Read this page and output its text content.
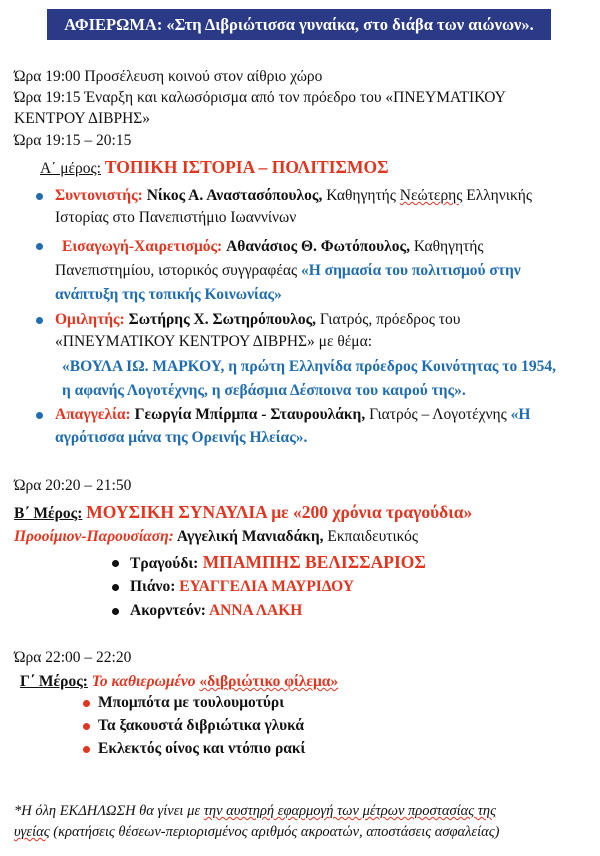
ΑΦΙΕΡΩΜΑ: «Στη Διβριώτισσα γυναίκα, στο διάβα των αιώνων».
Ώρα 19:00 Προσέλευση κοινού στον αίθριο χώρο
Ώρα 19:15 Έναρξη και καλωσόρισμα από τον πρόεδρο του «ΠΝΕΥΜΑΤΙΚΟΥ
ΚΕΝΤΡΟΥ ΔΙΒΡΗΣ»
Ώρα 19:15 – 20:15
Α΄ μέρος: ΤΟΠΙΚΗ ΙΣΤΟΡΙΑ – ΠΟΛΙΤΙΣΜΟΣ
Συντονιστής: Νίκος Α. Αναστασόπουλος, Καθηγητής Νεώτερης Ελληνικής
Ιστορίας στο Πανεπιστήμιο Ιωαννίνων
Εισαγωγή-Χαιρετισμός: Αθανάσιος Θ. Φωτόπουλος, Καθηγητής
Πανεπιστημίου, ιστορικός συγγραφέας «Η σημασία του πολιτισμού στην
ανάπτυξη της τοπικής Κοινωνίας»
Ομιλητής: Σωτήρης Χ. Σωτηρόπουλος, Γιατρός, πρόεδρος του
«ΠΝΕΥΜΑΤΙΚΟΥ ΚΕΝΤΡΟΥ ΔΙΒΡΗΣ» με θέμα:
«ΒΟΥΛΑ ΙΩ. ΜΑΡΚΟΥ, η πρώτη Ελληνίδα πρόεδρος Κοινότητας το 1954,
η αφανής Λογοτέχνης, η σεβάσμια Δέσποινα του καιρού της».
Απαγγελία: Γεωργία Μπίρμπα - Σταυρουλάκη, Γιατρός – Λογοτέχνης «Η
αγρότισσα μάνα της Ορεινής Ηλείας».
Ώρα 20:20 – 21:50
Β΄ Μέρος: ΜΟΥΣΙΚΗ ΣΥΝΑΥΛΙΑ με «200 χρόνια τραγούδια»
Προοίμιον-Παρουσίαση: Αγγελική Μανιαδάκη, Εκπαιδευτικός
Τραγούδι: ΜΠΑΜΠΗΣ ΒΕΛΙΣΣΑΡΙΟΣ
Πιάνο: ΕΥΑΓΓΕΛΙΑ ΜΑΥΡΙΔΟΥ
Ακορντεόν: ΑΝΝΑ ΛΑΚΗ
Ώρα 22:00 – 22:20
Γ΄ Μέρος: Το καθιερωμένο «διβριώτικο φίλεμα»
Μπομπότα με τουλουμοτύρι
Τα ξακουστά διβριώτικα γλυκά
Εκλεκτός οίνος και ντόπιο ρακί
*Η όλη ΕΚΔΗΛΩΣΗ θα γίνει με την αυστηρή εφαρμογή των μέτρων προστασίας της
υγείας (κρατήσεις θέσεων-περιορισμένος αριθμός ακροατών, αποστάσεις ασφαλείας)
